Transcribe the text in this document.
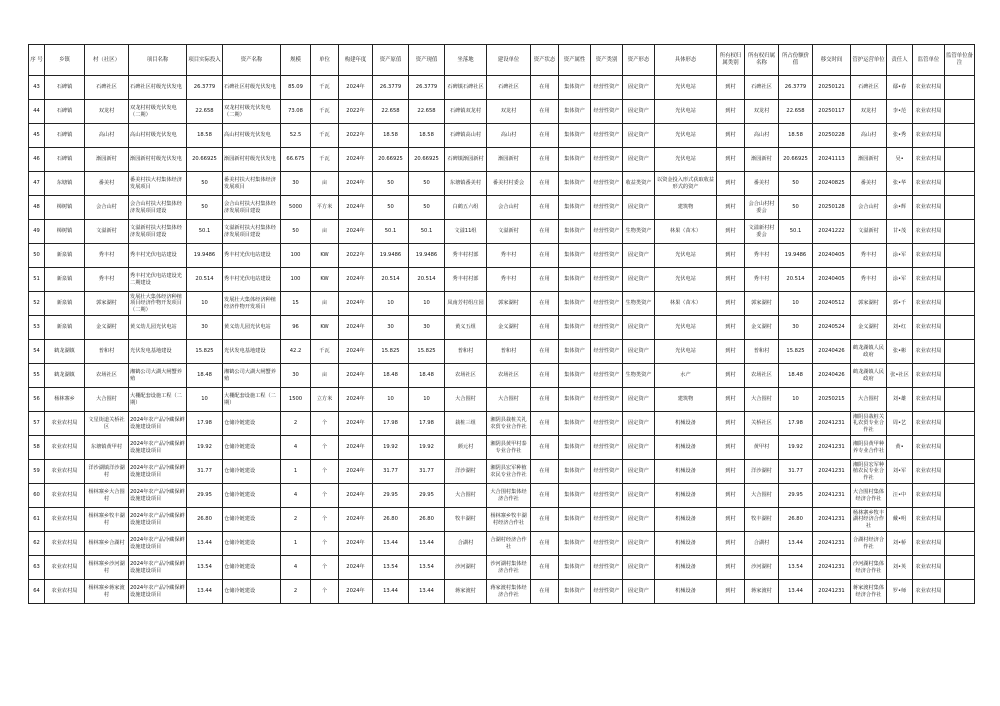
序 号	乡镇	村（社区）	项目名称	项目实际投入	资产名称	规模	单位	构建年度	资产原值	资产现值	坐落地	建设单位	资产状态	资产属性	资产类别	资产形态	具体形态	所有权归属类别	所有权归属名称	所占份额价值	移交时间	管护运营单位	责任人	监管单位	监管单位备注
43	石碑镇	石碑社区	石碑社区村级光伏发电	26.3779	石碑社区村级光伏发电	85.09	千瓦	2024年	26.3779	26.3779	石碑镇石碑社区	石碑社区	在用	集体资产	经营性资产	固定资产	光伏电站	到村	石碑社区	26.3779	20250121	石碑社区	鄢•春	农业农村局	
44	石碑镇	双龙村	双龙村村级光伏发电（二期）	22.658	双龙村村级光伏发电（二期）	73.08	千瓦	2022年	22.658	22.658	石碑镇双龙村	双龙村	在用	集体资产	经营性资产	固定资产	光伏电站	到村	双龙村	22.658	20250117	双龙村	李•范	农业农村局	
45	石碑镇	高山村	高山村村级光伏发电	18.58	高山村村级光伏发电	52.5	千瓦	2022年	18.58	18.58	石碑镇高山村	高山村	在用	集体资产	经营性资产	固定资产	光伏电站	到村	高山村	18.58	20250228	高山村	张•秀	农业农村局	
46	石碑镇	渐园新村	渐园新村村级光伏发电	20.66925	渐园新村村级光伏发电	66.675	千瓦	2024年	20.66925	20.66925	石碑镇渐园新村	渐园新村	在用	集体资产	经营性资产	固定资产	光伏电站	到村	渐园新村	20.66925	20241113	渐园新村	吴•	农业农村局	
47	东塘镇	番美村	番美村扶大村集体经济发展项目	50	番美村扶大村集体经济发展项目	30	亩	2024年	50	50	东塘镇番美村	番美村村委会	在用	集体资产	经营性资产	收益类资产	以资金投入形式获取收益形式的资产	到村	番美村	50	20240825	番美村	张•华	农业农村局	
48	樟树镇	会合山村	会合山村扶大村集体经济发展项目建设	50	会合山村扶大村集体经济发展项目建设	5000	平方米	2024年	50	50	白鹤五六组	会合山村	在用	集体资产	经营性资产	固定资产	建筑物	到村	会合山村村委会	50	20250128	会合山村	余•辉	农业农村局	
49	樟树镇	文溢新村	文溢新村扶大村集体经济发展项目建设	50.1	文溢新村扶大村集体经济发展项目建设	50	亩	2024年	50.1	50.1	文溢11组	文溢新村	在用	集体资产	经营性资产	生物类资产	林果（苗木）	到村	文溢新村村委会	50.1	20241222	文溢新村	甘•茂	农业农村局	
50	新泉镇	秀丰村	秀丰村光伏电站建设	19.9486	秀丰村光伏电站建设	100	KW	2022年	19.9486	19.9486	秀丰村村部	秀丰村	在用	集体资产	经营性资产	固定资产	光伏电站	到村	秀丰村	19.9486	20240405	秀丰村	涂•军	农业农村局	
51	新泉镇	秀丰村	秀丰村光伏电站建设光二期建设	20.514	秀丰村光伏电站建设	100	KW	2024年	20.514	20.514	秀丰村村部	秀丰村	在用	集体资产	经营性资产	固定资产	光伏电站	到村	秀丰村	20.514	20240405	秀丰村	涂•军	农业农村局	
52	新泉镇	郭家湖村	发展壮大集体经济种植项目经济作物开发项目（二期）	10	发展壮大集体经济种植经济作物开发项目	15	亩	2024年	10	10	凤南芳村组庄园	郭家湖村	在用	集体资产	经营性资产	生物类资产	林果（苗木）	到村	郭家湖村	10	20240512	郭家湖村	郭•千	农业农村局	
53	新泉镇	金义湖村	黄义幼儿园光伏电站	30	黄义幼儿园光伏电站	96	KW	2024年	30	30	黄义五组	金义湖村	在用	集体资产	经营性资产	固定资产	光伏电站	到村	金义湖村	30	20240524	金义湖村	刘•红	农业农村局	
54	鹤龙湖镇	普和村	光伏发电基地建设	15.825	光伏发电基地建设	42.2	千瓦	2024年	15.825	15.825	普和村	普和村	在用	集体资产	经营性资产	固定资产	光伏电站	到村	普和村	15.825	20240426	鹤龙湖镇人民政府	张•彬	农业农村局	
55	鹤龙湖镇	农场社区	湘鹤公司大湖大闸蟹养殖	18.48	湘鹤公司大湖大闸蟹养殖	30	亩	2024年	18.48	18.48	农场社区	农场社区	在用	集体资产	经营性资产	生物类资产	水产	到村	农场社区	18.48	20240426	鹤龙湖镇人民政府	张•社区	农业农村局	
56	杨林寨乡	大合围村	大棚配套设施工程（二期）	10	大棚配套设施工程（二期）	1500	立方米	2024年	10	10	大合围村	大合围村	在用	集体资产	经营性资产	固定资产	建筑物	到村	大合围村	10	20250215	大合围村	刘•雄	农业农村局	
57	农业农村局	文星街道关桥社区	2024年农产品冷藏保鲜设施建设项目	17.98	仓储冷链建设	2	个	2024年	17.98	17.98	栽桩三组	湘阴县栽桩关礼农贸专业合作社	在用	集体资产	经营性资产	固定资产	机械设备	到村	关桥社区	17.98	20241231	湘阴县栽桩关礼农贸专业合作社	周•艺	农业农村局	
58	农业农村局	东塘镇黄甲村	2024年农产品冷藏保鲜设施建设项目	19.92	仓储冷链建设	4	个	2024年	19.92	19.92	颜元村	湘阴县黄甲村泰专业合作社	在用	集体资产	经营性资产	固定资产	机械设备	到村	黄甲村	19.92	20241231	湘阴县黄甲种养专业合作社	黄•	农业农村局	
59	农业农村局	洋沙湖镇洋沙湖村	2024年农产品冷藏保鲜设施建设项目	31.77	仓储冷链建设	1	个	2024年	31.77	31.77	洋沙湖村	湘阴县宏军种植农民专业合作社	在用	集体资产	经营性资产	固定资产	机械设备	到村	洋沙湖村	31.77	20241231	湘阴县宏军种植农民专业合作社	刘•军	农业农村局	
60	农业农村局	杨林寨乡大合围村	2024年农产品冷藏保鲜设施建设项目	29.95	仓储冷链建设	4	个	2024年	29.95	29.95	大合围村	大合围村集体经济合作社	在用	集体资产	经营性资产	固定资产	机械设备	到村	大合围村	29.95	20241231	大合围村集体经济合作社	汪•中	农业农村局	
61	农业农村局	杨林寨乡牧丰湖村	2024年农产品冷藏保鲜设施建设项目	26.80	仓储冷链建设	2	个	2024年	26.80	26.80	牧丰湖村	杨林寨乡牧丰湖村经济合作社	在用	集体资产	经营性资产	固定资产	机械设备	到村	牧丰湖村	26.80	20241231	杨林寨乡牧丰湖村经济合作社	戴•明	农业农村局	
62	农业农村局	杨林寨乡合湖村	2024年农产品冷藏保鲜设施建设项目	13.44	仓储冷链建设	1	个	2024年	13.44	13.44	合湖村	合湖村经济合作社	在用	集体资产	经营性资产	固定资产	机械设备	到村	合湖村	13.44	20241231	合湖村经济合作社	刘•桥	农业农村局	
63	农业农村局	杨林寨乡沙河湖村	2024年农产品冷藏保鲜设施建设项目	13.54	仓储冷链建设	4	个	2024年	13.54	13.54	沙河湖村	沙河湖村集体经济合作社	在用	集体资产	经营性资产	固定资产	机械设备	到村	沙河湖村	13.54	20241231	沙河湖村集体经济合作社	刘•英	农业农村局	
64	农业农村局	杨林寨乡蒋家渡村	2024年农产品冷藏保鲜设施建设项目	13.44	仓储冷链建设	2	个	2024年	13.44	13.44	蒋家渡村	蒋家渡村集体经济合作社	在用	集体资产	经营性资产	固定资产	机械设备	到村	蒋家渡村	13.44	20241231	蒋家渡村集体经济合作社	罗•师	农业农村局	
